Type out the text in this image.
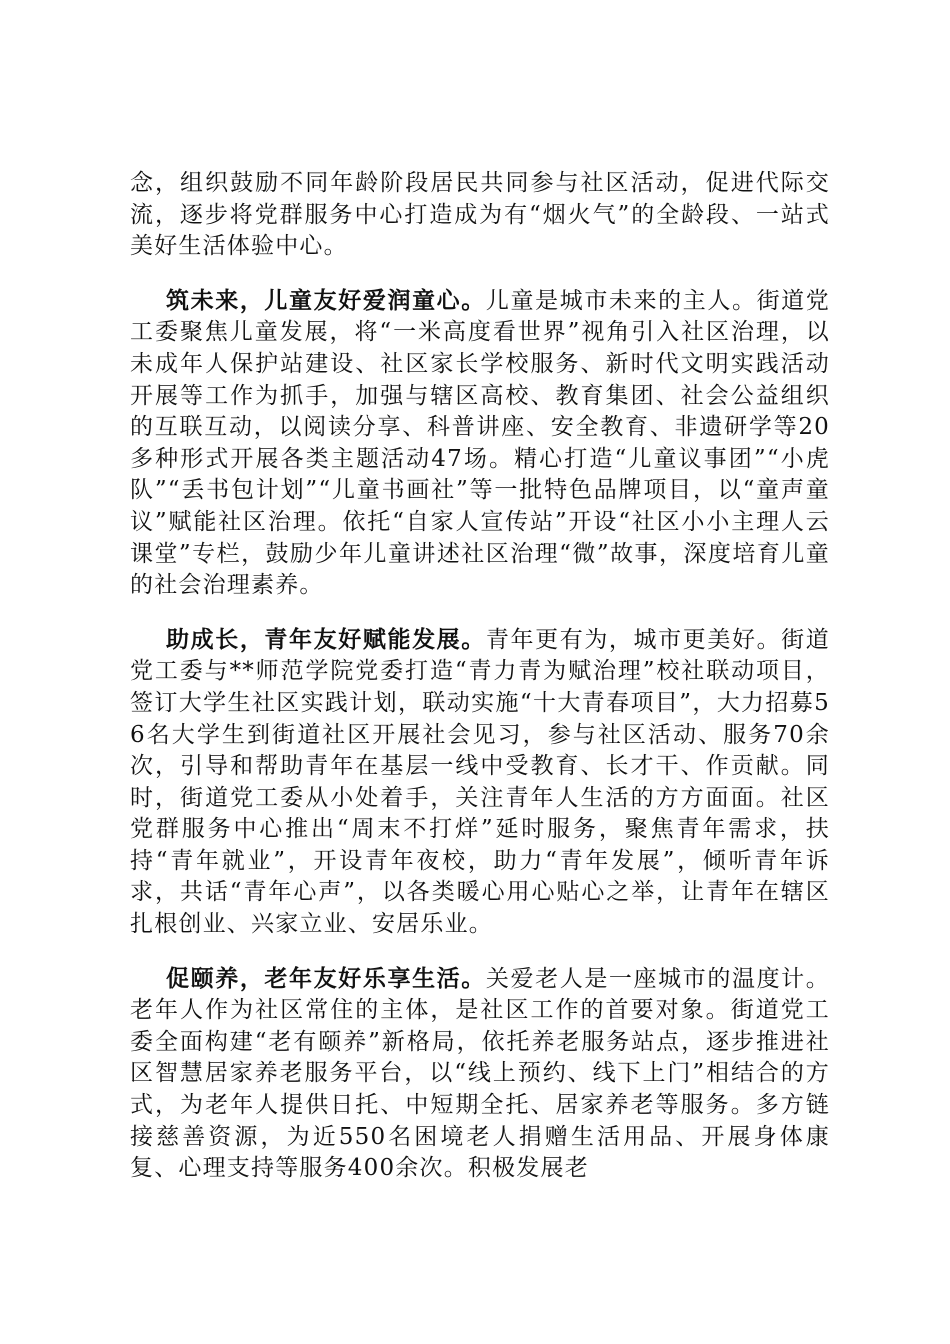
念，组织鼓励不同年龄阶段居民共同参与社区活动，促进代际交流，逐步将党群服务中心打造成为有“烟火气”的全龄段、一站式美好生活体验中心。

筑未来，儿童友好爱润童心。儿童是城市未来的主人。街道党工委聚焦儿童发展，将“一米高度看世界”视角引入社区治理，以未成年人保护站建设、社区家长学校服务、新时代文明实践活动开展等工作为抓手，加强与辖区高校、教育集团、社会公益组织的互联互动，以阅读分享、科普讲座、安全教育、非遗研学等20多种形式开展各类主题活动47场。精心打造“儿童议事团”“小虎队”“丢书包计划”“儿童书画社”等一批特色品牌项目，以“童声童议”赋能社区治理。依托“自家人宣传站”开设“社区小小主理人云课堂”专栏，鼓励少年儿童讲述社区治理“微”故事，深度培育儿童的社会治理素养。

助成长，青年友好赋能发展。青年更有为，城市更美好。街道党工委与**师范学院党委打造“青力青为赋治理”校社联动项目，签订大学生社区实践计划，联动实施“十大青春项目”，大力招募56名大学生到街道社区开展社会见习，参与社区活动、服务70余次，引导和帮助青年在基层一线中受教育、长才干、作贡献。同时，街道党工委从小处着手，关注青年人生活的方方面面。社区党群服务中心推出“周末不打烊”延时服务，聚焦青年需求，扶持“青年就业”，开设青年夜校，助力“青年发展”，倾听青年诉求，共话“青年心声”，以各类暖心用心贴心之举，让青年在辖区扎根创业、兴家立业、安居乐业。

促颐养，老年友好乐享生活。关爱老人是一座城市的温度计。老年人作为社区常住的主体，是社区工作的首要对象。街道党工委全面构建“老有颐养”新格局，依托养老服务站点，逐步推进社区智慧居家养老服务平台，以“线上预约、线下上门”相结合的方式，为老年人提供日托、中短期全托、居家养老等服务。多方链接慈善资源，为近550名困境老人捐赠生活用品、开展身体康复、心理支持等服务400余次。积极发展老
